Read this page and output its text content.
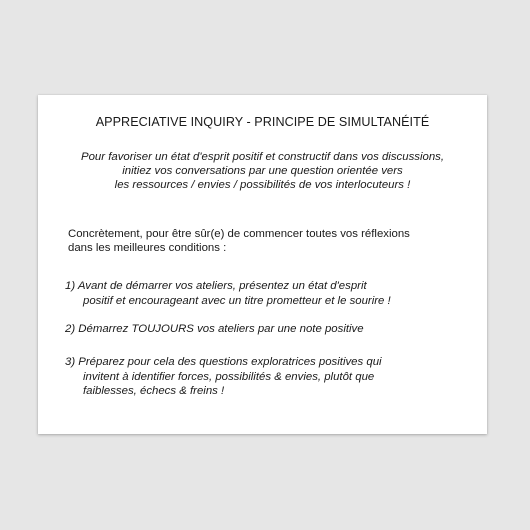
APPRECIATIVE INQUIRY - PRINCIPE DE SIMULTANÉITÉ
Pour favoriser un état d'esprit positif et constructif dans vos discussions,
initiez vos conversations par une question orientée vers
les ressources / envies / possibilités de vos interlocuteurs !
Concrètement, pour être sûr(e) de commencer toutes vos réflexions
dans les meilleures conditions :
1) Avant de démarrer vos ateliers, présentez un état d'esprit
positif et encourageant avec un titre prometteur et le sourire !
2) Démarrez TOUJOURS vos ateliers par une note positive
3) Préparez pour cela des questions exploratrices positives qui
invitent à identifier forces, possibilités & envies, plutôt que
faiblesses, échecs & freins !
